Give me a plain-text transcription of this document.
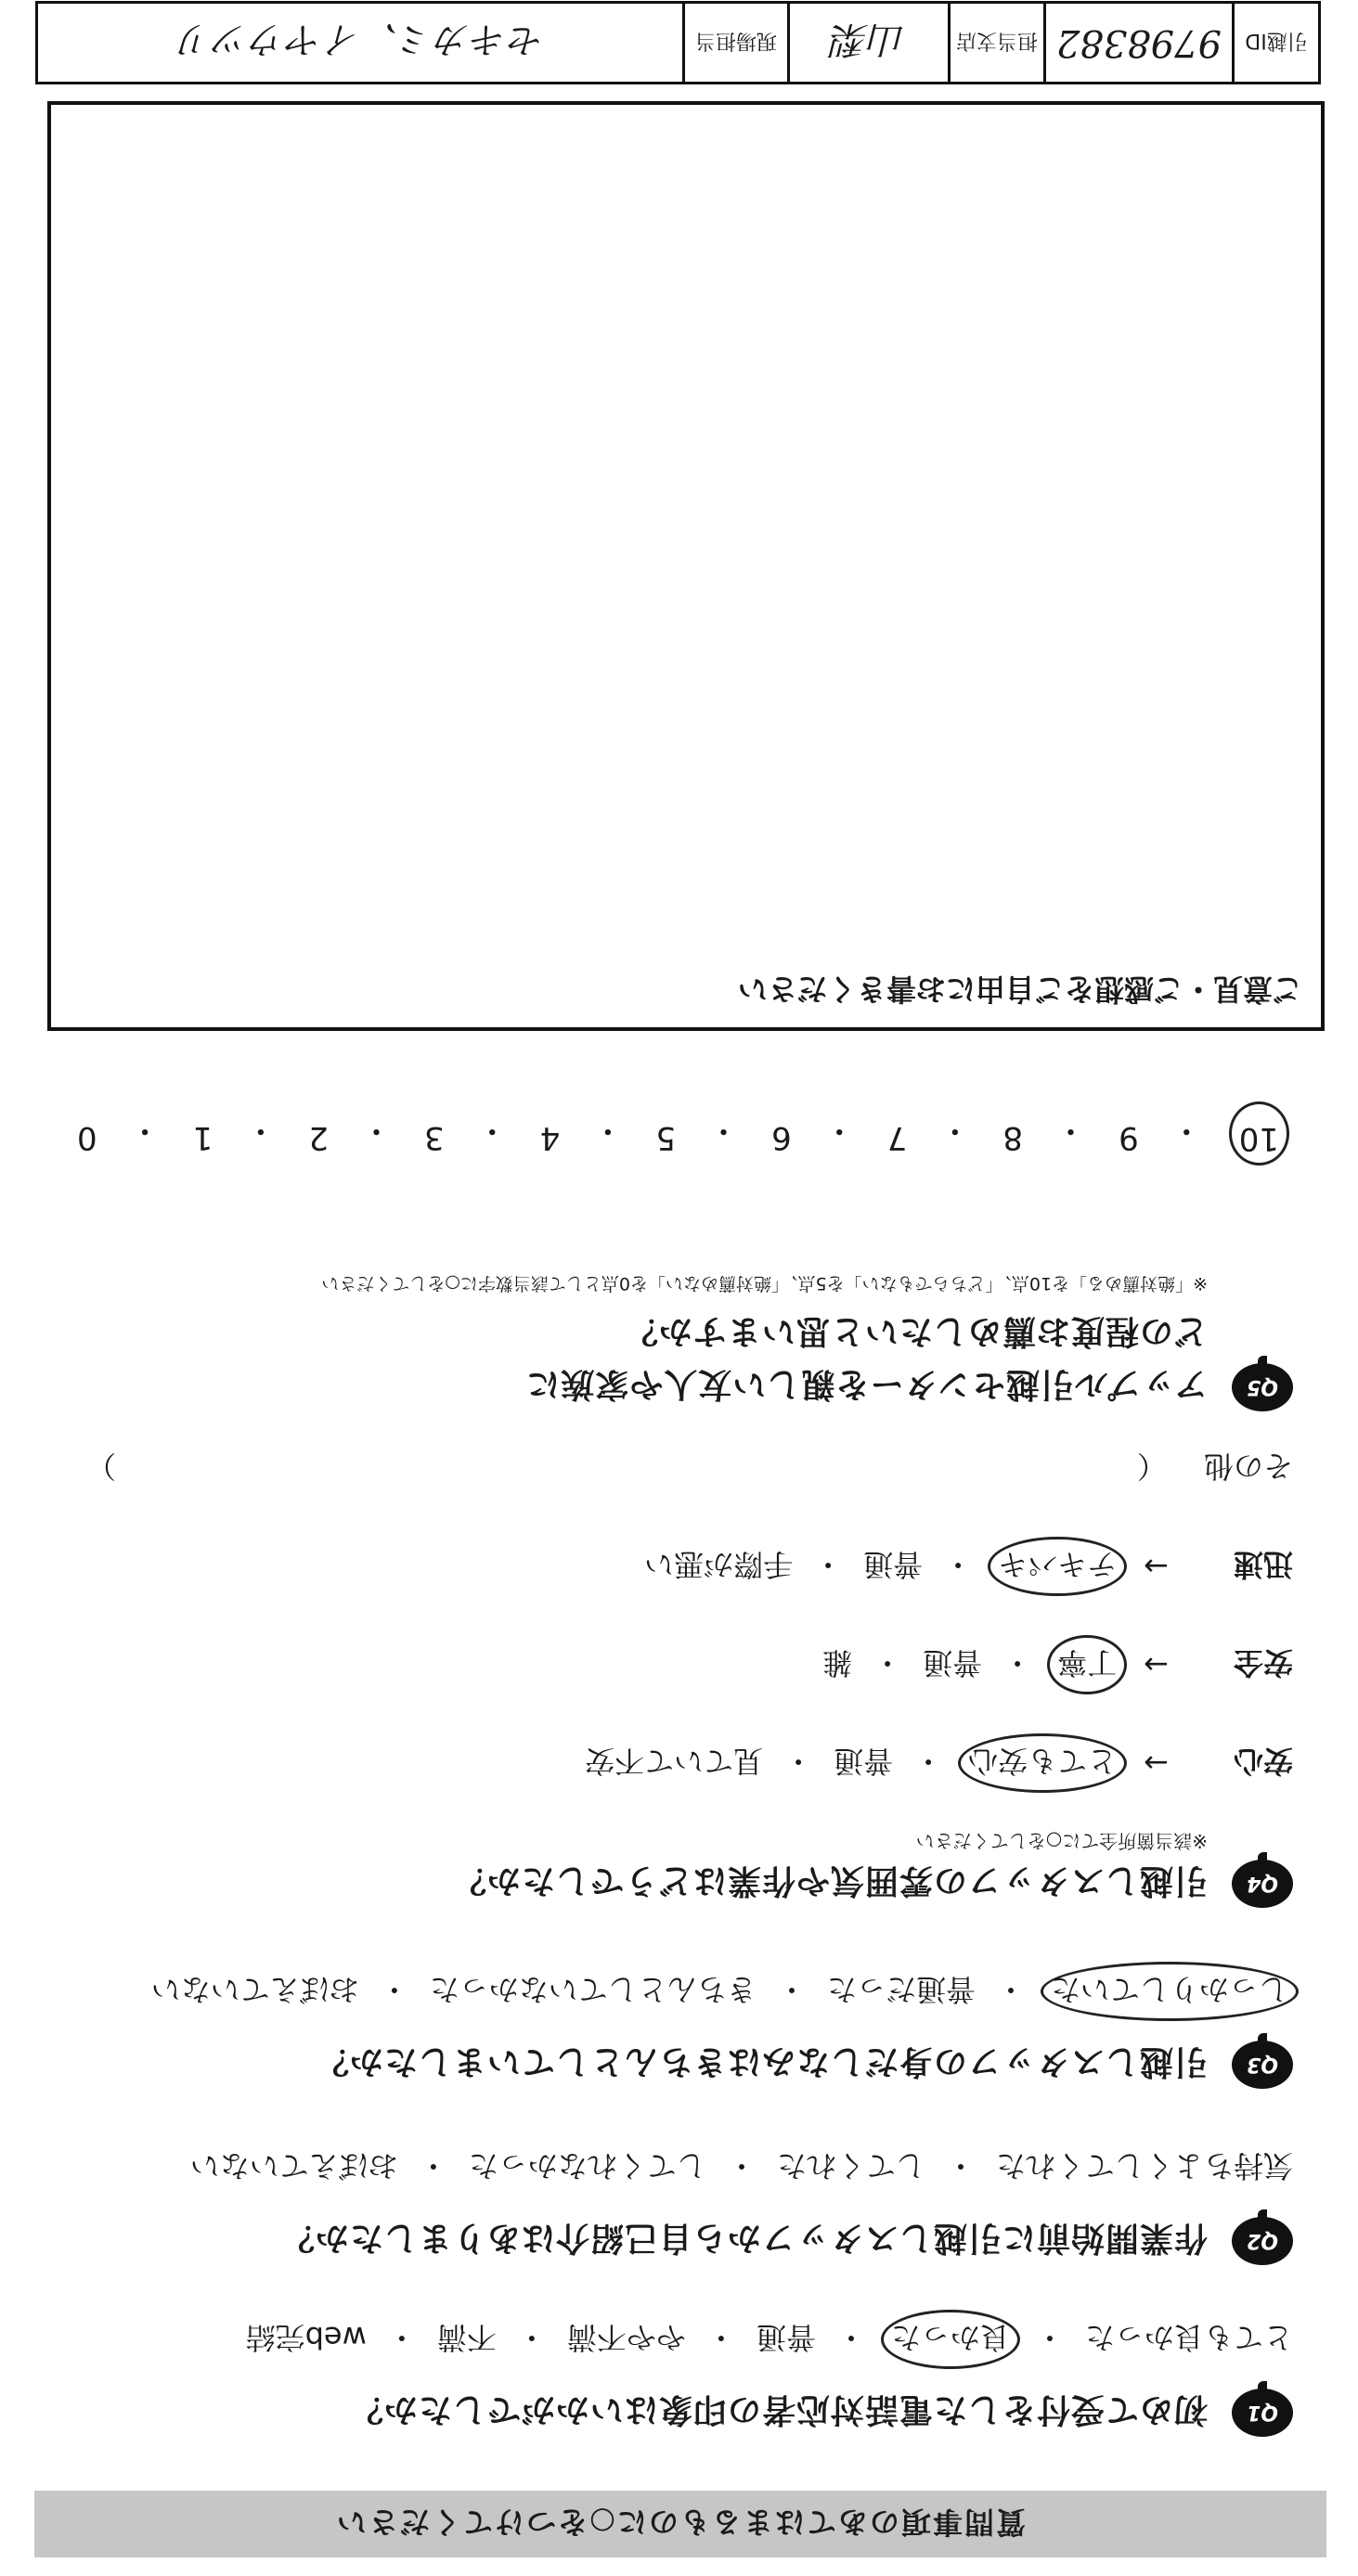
質問事項のあてはまるものに○をつけてください
Q1
初めて受付をした電話対応者の印象はいかがでしたか？
とても良かった
・
良かった
・
普通
・
やや不満
・
不満
・
web完結
Q2
作業開始前に引越しスタッフから自己紹介はありましたか？
気持ちよくしてくれた
・
してくれた
・
してくれなかった
・
おぼえていない
Q3
引越しスタッフの身だしなみはきちんとしていましたか？
しっかりしていた
・
普通だった
・
きちんとしていなかった
・
おぼえていない
Q4
引越しスタッフの雰囲気や作業はどうでしたか？
※該当箇所全てに○をしてください
安心
→
とても安心
・
普通
・
見ていて不安
安全
→
丁寧
・
普通
・
雑
迅速
→
テキパキ
・
普通
・
手際が悪い
その他 （
）
Q5
アップル引越センターを親しい友人や家族に
どの程度お薦めしたいと思いますか？
※「絶対薦める」を10点、「どちらでもない」を5点、「絶対薦めない」を0点として該当数字に○をしてください
10
・
9
・
8
・
7
・
6
・
5
・
4
・
3
・
2
・
1
・
0
ご意見・ご感想をご自由にお書きください
引越ID
9798382
担当支店
山梨
現場担当
セキカミ、イヤウツリ
